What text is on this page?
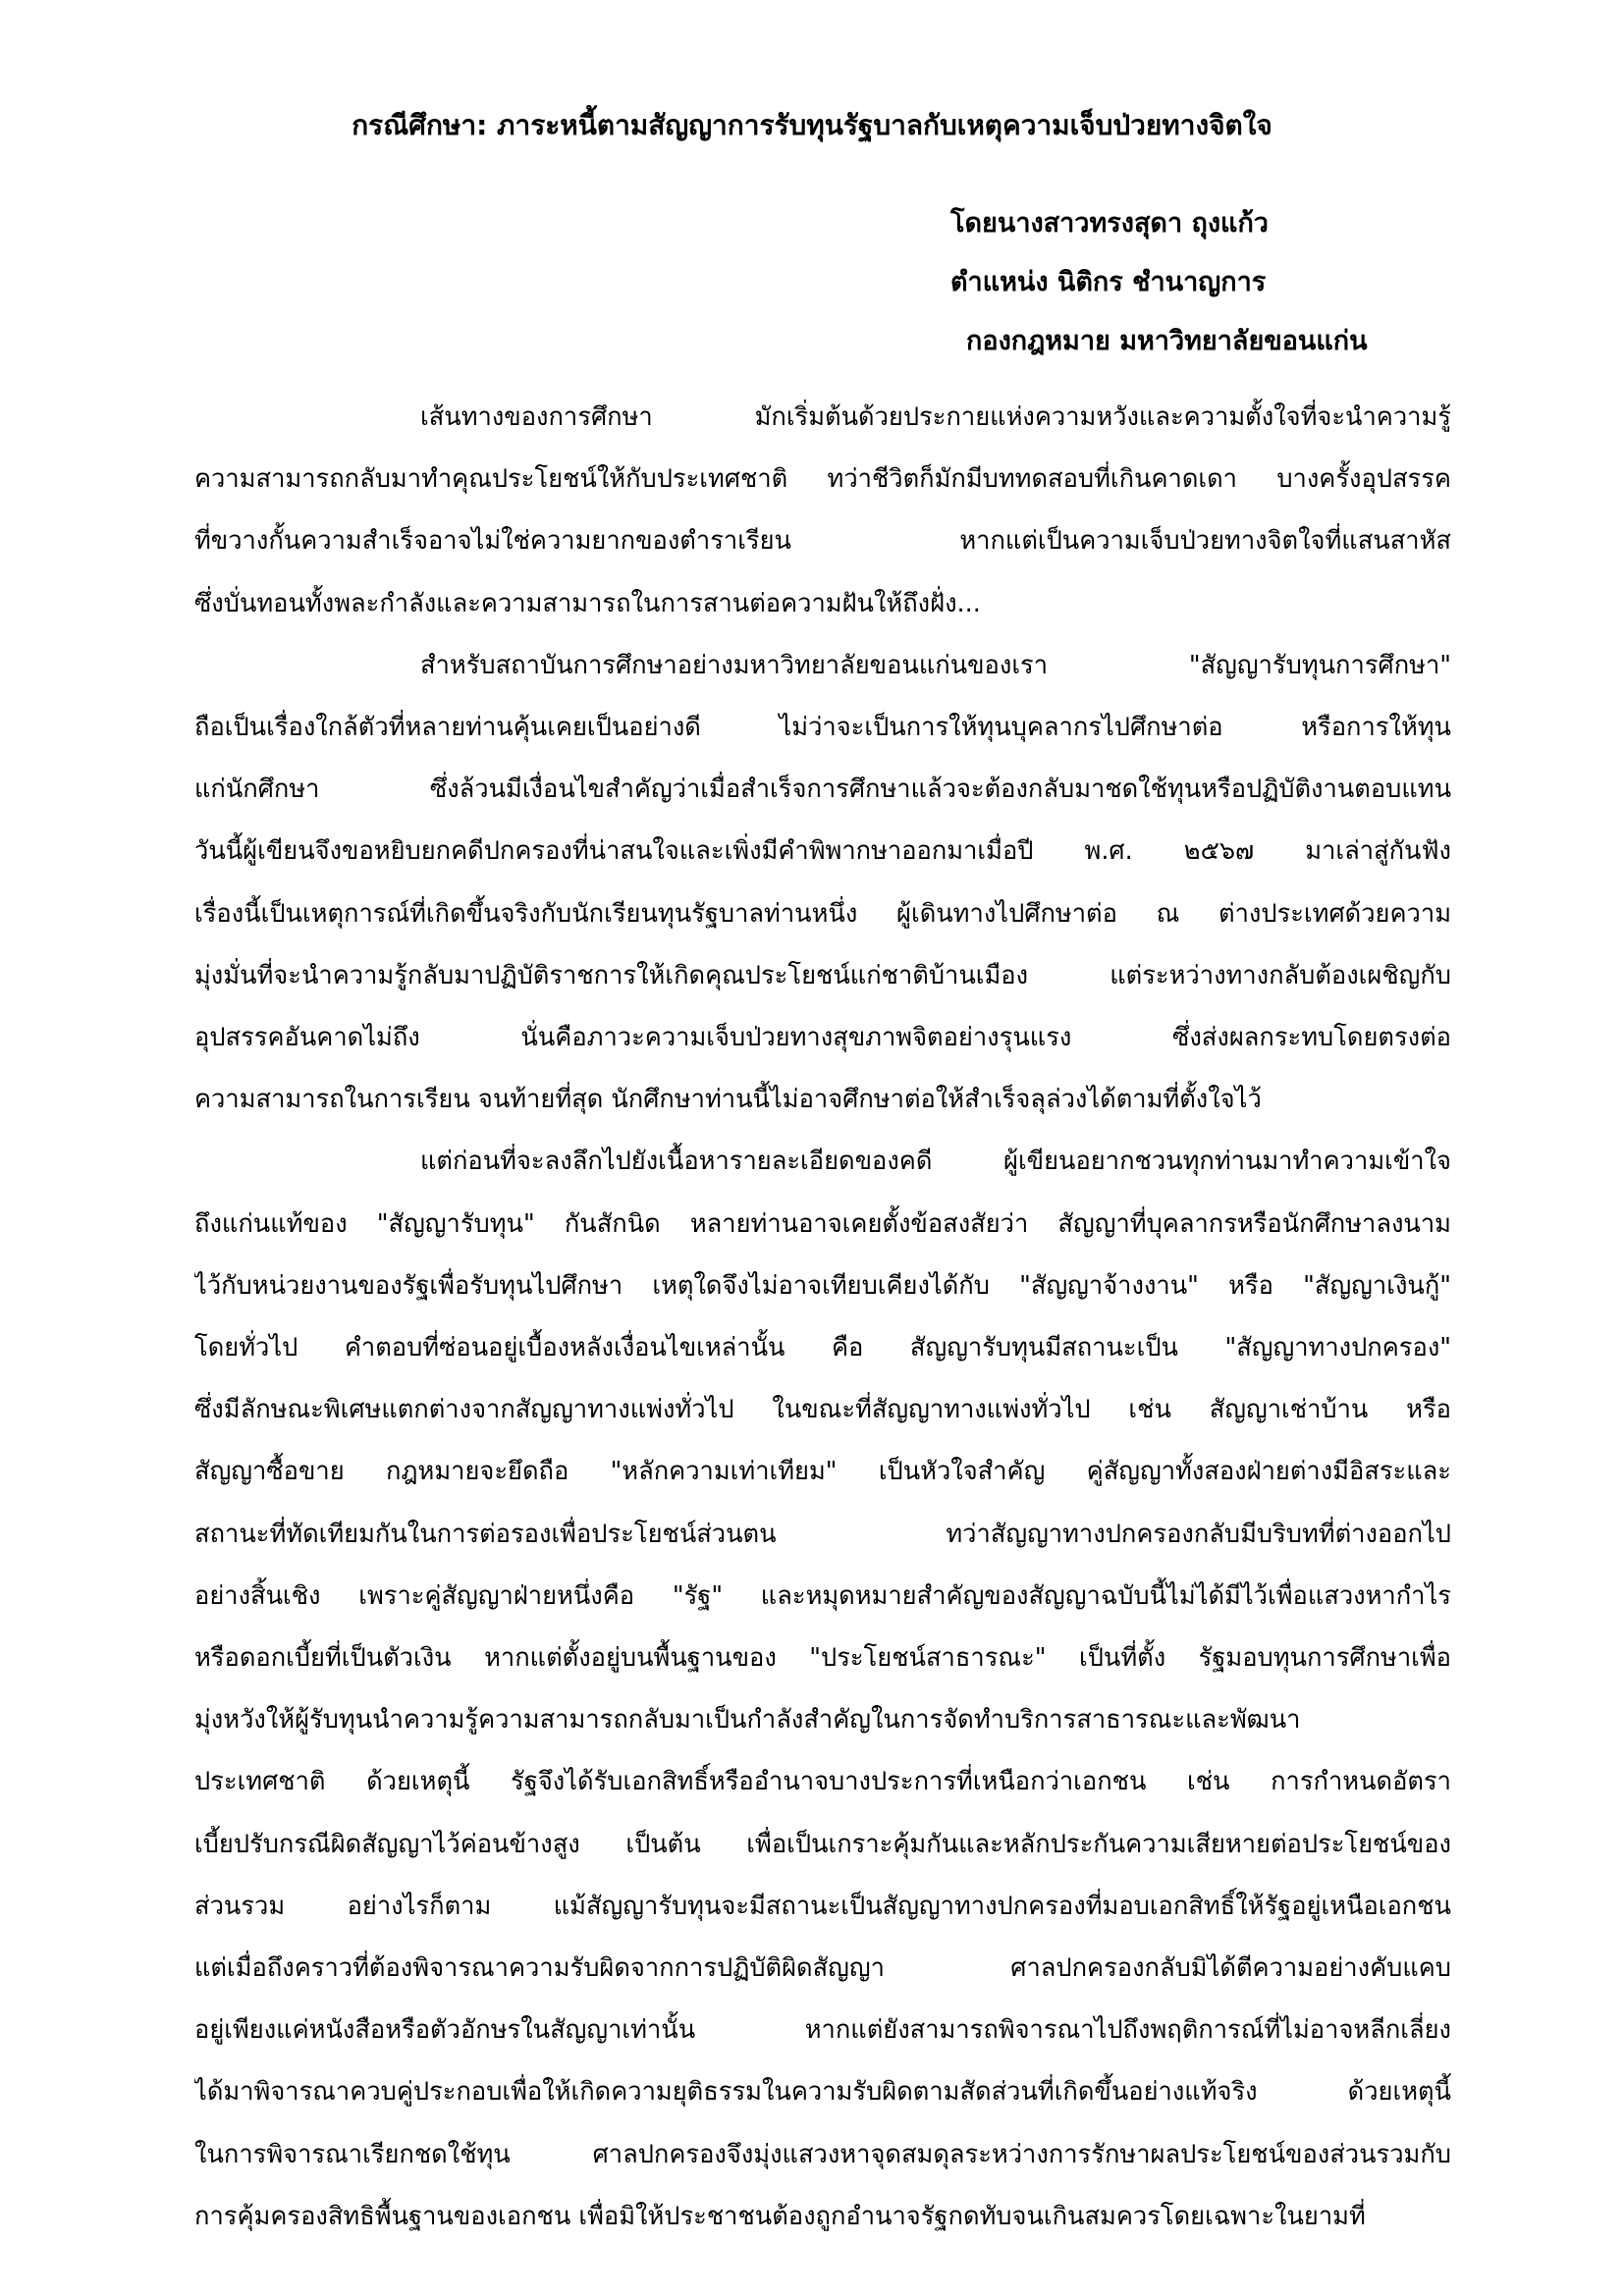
กรณีศึกษา: ภาระหนี้ตามสัญญาการรับทุนรัฐบาลกับเหตุความเจ็บป่วยทางจิตใจ
โดยนางสาวทรงสุดา ถุงแก้ว
ตำแหน่ง นิติกร ชำนาญการ
กองกฎหมาย มหาวิทยาลัยขอนแก่น
เส้นทางของการศึกษา มักเริ่มต้นด้วยประกายแห่งความหวังและความตั้งใจที่จะนำความรู้
ความสามารถกลับมาทำคุณประโยชน์ให้กับประเทศชาติ ทว่าชีวิตก็มักมีบททดสอบที่เกินคาดเดา บางครั้งอุปสรรค
ที่ขวางกั้นความสำเร็จอาจไม่ใช่ความยากของตำราเรียน หากแต่เป็นความเจ็บป่วยทางจิตใจที่แสนสาหัส
ซึ่งบั่นทอนทั้งพละกำลังและความสามารถในการสานต่อความฝันให้ถึงฝั่ง...
สำหรับสถาบันการศึกษาอย่างมหาวิทยาลัยขอนแก่นของเรา "สัญญารับทุนการศึกษา"
ถือเป็นเรื่องใกล้ตัวที่หลายท่านคุ้นเคยเป็นอย่างดี ไม่ว่าจะเป็นการให้ทุนบุคลากรไปศึกษาต่อ หรือการให้ทุน
แก่นักศึกษา ซึ่งล้วนมีเงื่อนไขสำคัญว่าเมื่อสำเร็จการศึกษาแล้วจะต้องกลับมาชดใช้ทุนหรือปฏิบัติงานตอบแทน
วันนี้ผู้เขียนจึงขอหยิบยกคดีปกครองที่น่าสนใจและเพิ่งมีคำพิพากษาออกมาเมื่อปี พ.ศ. ๒๕๖๗ มาเล่าสู่กันฟัง
เรื่องนี้เป็นเหตุการณ์ที่เกิดขึ้นจริงกับนักเรียนทุนรัฐบาลท่านหนึ่ง ผู้เดินทางไปศึกษาต่อ ณ ต่างประเทศด้วยความ
มุ่งมั่นที่จะนำความรู้กลับมาปฏิบัติราชการให้เกิดคุณประโยชน์แก่ชาติบ้านเมือง แต่ระหว่างทางกลับต้องเผชิญกับ
อุปสรรคอันคาดไม่ถึง นั่นคือภาวะความเจ็บป่วยทางสุขภาพจิตอย่างรุนแรง ซึ่งส่งผลกระทบโดยตรงต่อ
ความสามารถในการเรียน จนท้ายที่สุด นักศึกษาท่านนี้ไม่อาจศึกษาต่อให้สำเร็จลุล่วงได้ตามที่ตั้งใจไว้
แต่ก่อนที่จะลงลึกไปยังเนื้อหารายละเอียดของคดี ผู้เขียนอยากชวนทุกท่านมาทำความเข้าใจ
ถึงแก่นแท้ของ "สัญญารับทุน" กันสักนิด หลายท่านอาจเคยตั้งข้อสงสัยว่า สัญญาที่บุคลากรหรือนักศึกษาลงนาม
ไว้กับหน่วยงานของรัฐเพื่อรับทุนไปศึกษา เหตุใดจึงไม่อาจเทียบเคียงได้กับ "สัญญาจ้างงาน" หรือ "สัญญาเงินกู้"
โดยทั่วไป คำตอบที่ซ่อนอยู่เบื้องหลังเงื่อนไขเหล่านั้น คือ สัญญารับทุนมีสถานะเป็น "สัญญาทางปกครอง"
ซึ่งมีลักษณะพิเศษแตกต่างจากสัญญาทางแพ่งทั่วไป ในขณะที่สัญญาทางแพ่งทั่วไป เช่น สัญญาเช่าบ้าน หรือ
สัญญาซื้อขาย กฎหมายจะยึดถือ "หลักความเท่าเทียม" เป็นหัวใจสำคัญ คู่สัญญาทั้งสองฝ่ายต่างมีอิสระและ
สถานะที่ทัดเทียมกันในการต่อรองเพื่อประโยชน์ส่วนตน ทว่าสัญญาทางปกครองกลับมีบริบทที่ต่างออกไป
อย่างสิ้นเชิง เพราะคู่สัญญาฝ่ายหนึ่งคือ "รัฐ" และหมุดหมายสำคัญของสัญญาฉบับนี้ไม่ได้มีไว้เพื่อแสวงหากำไร
หรือดอกเบี้ยที่เป็นตัวเงิน หากแต่ตั้งอยู่บนพื้นฐานของ "ประโยชน์สาธารณะ" เป็นที่ตั้ง รัฐมอบทุนการศึกษาเพื่อ
มุ่งหวังให้ผู้รับทุนนำความรู้ความสามารถกลับมาเป็นกำลังสำคัญในการจัดทำบริการสาธารณะและพัฒนา
ประเทศชาติ ด้วยเหตุนี้ รัฐจึงได้รับเอกสิทธิ์หรืออำนาจบางประการที่เหนือกว่าเอกชน เช่น การกำหนดอัตรา
เบี้ยปรับกรณีผิดสัญญาไว้ค่อนข้างสูง เป็นต้น เพื่อเป็นเกราะคุ้มกันและหลักประกันความเสียหายต่อประโยชน์ของ
ส่วนรวม อย่างไรก็ตาม แม้สัญญารับทุนจะมีสถานะเป็นสัญญาทางปกครองที่มอบเอกสิทธิ์ให้รัฐอยู่เหนือเอกชน
แต่เมื่อถึงคราวที่ต้องพิจารณาความรับผิดจากการปฏิบัติผิดสัญญา ศาลปกครองกลับมิได้ตีความอย่างคับแคบ
อยู่เพียงแค่หนังสือหรือตัวอักษรในสัญญาเท่านั้น หากแต่ยังสามารถพิจารณาไปถึงพฤติการณ์ที่ไม่อาจหลีกเลี่ยง
ได้มาพิจารณาควบคู่ประกอบเพื่อให้เกิดความยุติธรรมในความรับผิดตามสัดส่วนที่เกิดขึ้นอย่างแท้จริง ด้วยเหตุนี้
ในการพิจารณาเรียกชดใช้ทุน ศาลปกครองจึงมุ่งแสวงหาจุดสมดุลระหว่างการรักษาผลประโยชน์ของส่วนรวมกับ
การคุ้มครองสิทธิพื้นฐานของเอกชน เพื่อมิให้ประชาชนต้องถูกอำนาจรัฐกดทับจนเกินสมควรโดยเฉพาะในยามที่
